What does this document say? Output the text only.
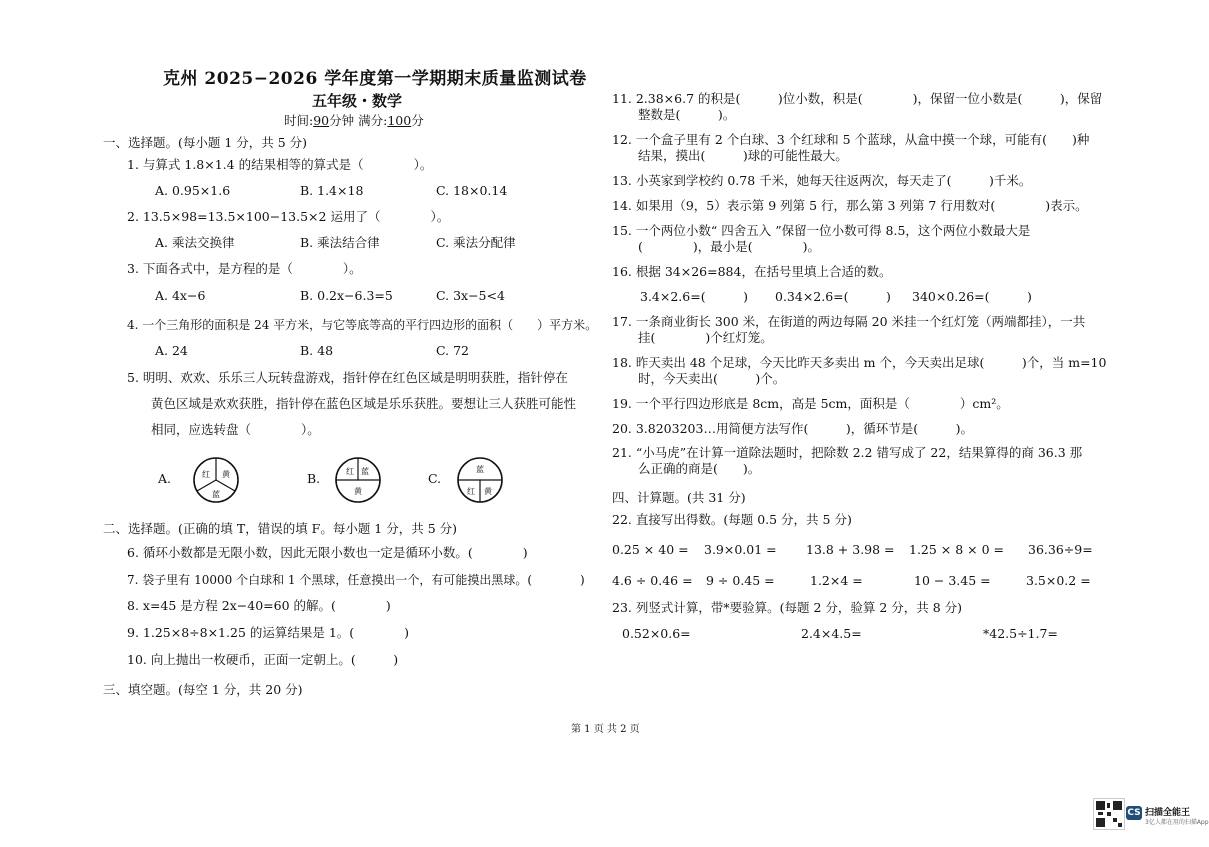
克州 2025−2026 学年度第一学期期末质量监测试卷
五年级・数学
时间:90分钟 满分:100分
一、选择题。(每小题 1 分，共 5 分)
1. 与算式 1.8×1.4 的结果相等的算式是（　　　　）。
A. 0.95×1.6	B. 1.4×18	C. 18×0.14
2. 13.5×98=13.5×100−13.5×2 运用了（　　　　）。
A. 乘法交换律	B. 乘法结合律	C. 乘法分配律
3. 下面各式中，是方程的是（　　　　）。
A. 4x−6	B. 0.2x−6.3=5	C. 3x−5<4
4. 一个三角形的面积是 24 平方米，与它等底等高的平行四边形的面积（　　）平方米。
A. 24	B. 48	C. 72
5. 明明、欢欢、乐乐三人玩转盘游戏，指针停在红色区域是明明获胜，指针停在
黄色区域是欢欢获胜，指针停在蓝色区域是乐乐获胜。要想让三人获胜可能性
相同，应选转盘（　　　　）。
A.	红 黄
蓝
B.	红 蓝
黄
C.
蓝
红 黄
二、选择题。(正确的填 T，错误的填 F。每小题 1 分，共 5 分)
6. 循环小数都是无限小数，因此无限小数也一定是循环小数。(　　　　)
7. 袋子里有 10000 个白球和 1 个黑球，任意摸出一个，有可能摸出黑球。(　　　　)
8. x=45 是方程 2x−40=60 的解。(　　　　)
9. 1.25×8÷8×1.25 的运算结果是 1。(　　　　)
10. 向上抛出一枚硬币，正面一定朝上。(　　　)
三、填空题。(每空 1 分，共 20 分)
11. 2.38×6.7 的积是(　　　)位小数，积是(　　　　)，保留一位小数是(　　　)，保留
整数是(　　　)。
12. 一个盒子里有 2 个白球、3 个红球和 5 个蓝球，从盒中摸一个球，可能有(　　)种
结果，摸出(　　　)球的可能性最大。
13. 小英家到学校约 0.78 千米，她每天往返两次，每天走了(　　　)千米。
14. 如果用（9，5）表示第 9 列第 5 行，那么第 3 列第 7 行用数对(　　　　)表示。
15. 一个两位小数“ 四舍五入 ”保留一位小数可得 8.5，这个两位小数最大是
(　　　　)，最小是(　　　　)。
16. 根据 34×26=884，在括号里填上合适的数。
3.4×2.6=(　　　) 0.34×2.6=(　　　) 340×0.26=(　　　)
17. 一条商业街长 300 米，在街道的两边每隔 20 米挂一个红灯笼（两端都挂），一共
挂(　　　　)个红灯笼。
18. 昨天卖出 48 个足球，今天比昨天多卖出 m 个，今天卖出足球(　　　)个，当 m=10
时，今天卖出(　　　)个。
19. 一个平行四边形底是 8cm，高是 5cm，面积是（　　　　）cm²。
20. 3.8203203…用简便方法写作(　　　)，循环节是(　　　)。
21. “小马虎”在计算一道除法题时，把除数 2.2 错写成了 22，结果算得的商 36.3 那
么正确的商是(　　)。
四、计算题。(共 31 分)
22. 直接写出得数。(每题 0.5 分，共 5 分)
0.25 × 40 = 3.9×0.01 = 13.8 + 3.98 = 1.25 × 8 × 0 = 36.36÷9=
4.6 ÷ 0.46 = 9 ÷ 0.45 =	1.2×4 =	10 − 3.45 =	3.5×0.2 =
23. 列竖式计算，带*要验算。(每题 2 分，验算 2 分，共 8 分)
0.52×0.6=	2.4×4.5=	*42.5÷1.7=
第 1 页 共 2 页
CS 扫描全能王
3亿人都在用的扫描App
